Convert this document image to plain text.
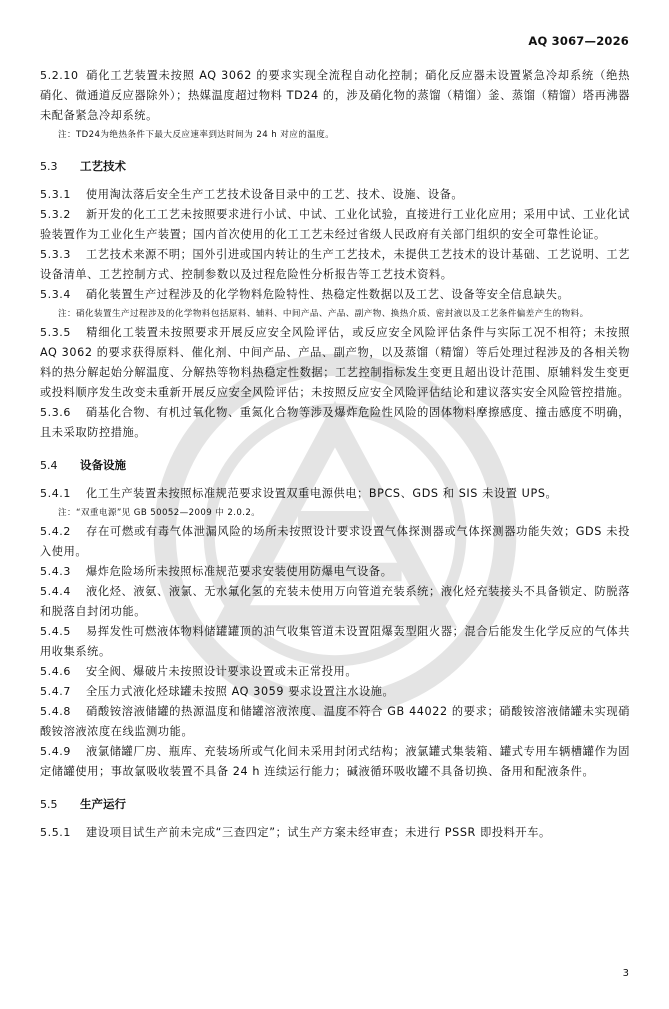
AQ 3067—2026

5.2.10 硝化工艺装置未按照 AQ 3062 的要求实现全流程自动化控制；硝化反应器未设置紧急冷却系统（绝热硝化、微通道反应器除外）；热媒温度超过物料 TD24 的，涉及硝化物的蒸馏（精馏）釜、蒸馏（精馏）塔再沸器未配备紧急冷却系统。

注：TD24为绝热条件下最大反应速率到达时间为 24 h 对应的温度。

5.3 工艺技术

5.3.1 使用淘汰落后安全生产工艺技术设备目录中的工艺、技术、设施、设备。

5.3.2 新开发的化工工艺未按照要求进行小试、中试、工业化试验，直接进行工业化应用；采用中试、工业化试验装置作为工业化生产装置；国内首次使用的化工工艺未经过省级人民政府有关部门组织的安全可靠性论证。

5.3.3 工艺技术来源不明；国外引进或国内转让的生产工艺技术，未提供工艺技术的设计基础、工艺说明、工艺设备清单、工艺控制方式、控制参数以及过程危险性分析报告等工艺技术资料。

5.3.4 硝化装置生产过程涉及的化学物料危险特性、热稳定性数据以及工艺、设备等安全信息缺失。

注：硝化装置生产过程涉及的化学物料包括原料、辅料、中间产品、产品、副产物、换热介质、密封液以及工艺条件偏差产生的物料。

5.3.5 精细化工装置未按照要求开展反应安全风险评估，或反应安全风险评估条件与实际工况不相符；未按照 AQ 3062 的要求获得原料、催化剂、中间产品、产品、副产物，以及蒸馏（精馏）等后处理过程涉及的各相关物料的热分解起始分解温度、分解热等物料热稳定性数据；工艺控制指标发生变更且超出设计范围、原辅料发生变更或投料顺序发生改变未重新开展反应安全风险评估；未按照反应安全风险评估结论和建议落实安全风险管控措施。

5.3.6 硝基化合物、有机过氧化物、重氮化合物等涉及爆炸危险性风险的固体物料摩擦感度、撞击感度不明确，且未采取防控措施。

5.4 设备设施

5.4.1 化工生产装置未按照标准规范要求设置双重电源供电；BPCS、GDS 和 SIS 未设置 UPS。

注：“双重电源”见 GB 50052—2009 中 2.0.2。

5.4.2 存在可燃或有毒气体泄漏风险的场所未按照设计要求设置气体探测器或气体探测器功能失效；GDS 未投入使用。

5.4.3 爆炸危险场所未按照标准规范要求安装使用防爆电气设备。

5.4.4 液化烃、液氨、液氯、无水氟化氢的充装未使用万向管道充装系统；液化烃充装接头不具备锁定、防脱落和脱落自封闭功能。

5.4.5 易挥发性可燃液体物料储罐罐顶的油气收集管道未设置阻爆轰型阻火器；混合后能发生化学反应的气体共用收集系统。

5.4.6 安全阀、爆破片未按照设计要求设置或未正常投用。

5.4.7 全压力式液化烃球罐未按照 AQ 3059 要求设置注水设施。

5.4.8 硝酸铵溶液储罐的热源温度和储罐溶液浓度、温度不符合 GB 44022 的要求；硝酸铵溶液储罐未实现硝酸铵溶液浓度在线监测功能。

5.4.9 液氯储罐厂房、瓶库、充装场所或气化间未采用封闭式结构；液氯罐式集装箱、罐式专用车辆槽罐作为固定储罐使用；事故氯吸收装置不具备 24 h 连续运行能力；碱液循环吸收罐不具备切换、备用和配液条件。

5.5 生产运行

5.5.1 建设项目试生产前未完成“三查四定”；试生产方案未经审查；未进行 PSSR 即投料开车。

3
